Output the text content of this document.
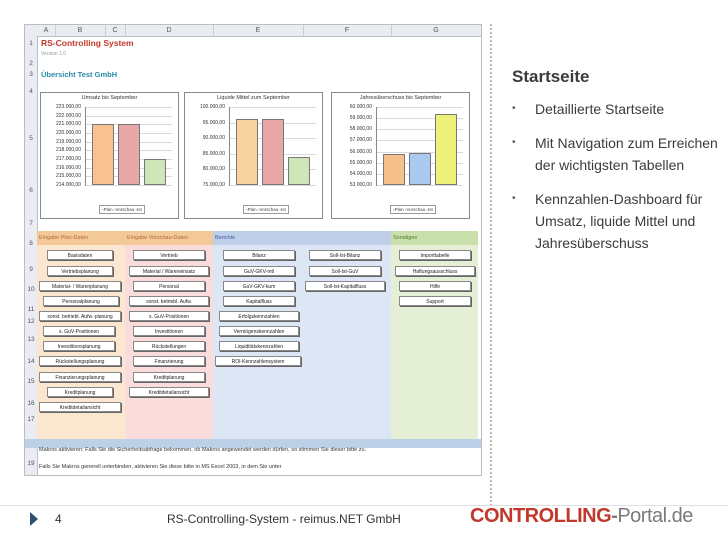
A	B	C	D	E	F	G
1
2
3
4
5
6
7
8
9
10
11
12
13
14
15
16
17
19
RS-Controlling System
Version 1.0
Übersicht Test GmbH
Umsatz bis September
▫Plan ▫Vorschau ▫Ist
223.000,00
222.000,00
221.000,00
220.000,00
219.000,00
218.000,00
217.000,00
216.000,00
215.000,00
214.000,00
Liquide Mittel zum September
▫Plan ▫Vorschau ▫Ist
100.000,00
95.000,00
90.000,00
85.000,00
80.000,00
75.000,00
Jahresüberschuss bis September
▫Plan ▫Vorschau ▫Ist
60.000,00
59.000,00
58.000,00
57.000,00
56.000,00
55.000,00
54.000,00
53.000,00
Eingabe Plan-Daten	Eingabe Vorschau-Daten	Berichte	Sonstiges
Basisdaten
Vertriebsplanung
Material- / Warenplanung
Personalplanung
sonst. betriebl. Aufw.-planung
s. GuV-Positionen
Investitionsplanung
Rückstellungsplanung
Finanzierungsplanung
Kreditplanung
Kreditdetailansicht
Vertrieb
Material / Wareneinsatz
Personal
sonst. betriebl. Aufw.
s. GuV-Positionen
Investitionen
Rückstellungen
Finanzierung
Kreditplanung
Kreditdetailansicht
Bilanz
GuV-GKV-mtl
GuV-GKV-kum
Kapitalfluss
Erfolgskennzahlen
Vermögenskennzahlen
Liquiditätskennzahlen
ROI-Kennzahlensystem
Soll-Ist-Bilanz
Soll-Ist-GuV
Soll-Ist-Kapitalfluss
Importtabelle
Haftungsausschluss
Hilfe
Support
Makros aktivieren: Falls Sie die Sicherheitsabfrage bekommen, ob Makros angewendet werden dürfen, so stimmen Sie dieser bitte zu.
Falls Sie Makros generell unterbinden, aktivieren Sie diese bitte in MS Excel 2003, in dem Sie unter
Startseite
• Detaillierte Startseite
• Mit Navigation zum Erreichen der wichtigsten Tabellen
• Kennzahlen-Dashboard für Umsatz, liquide Mittel und Jahresüberschuss
4	RS-Controlling-System - reimus.NET GmbH	CONTROLLING-Portal.de
